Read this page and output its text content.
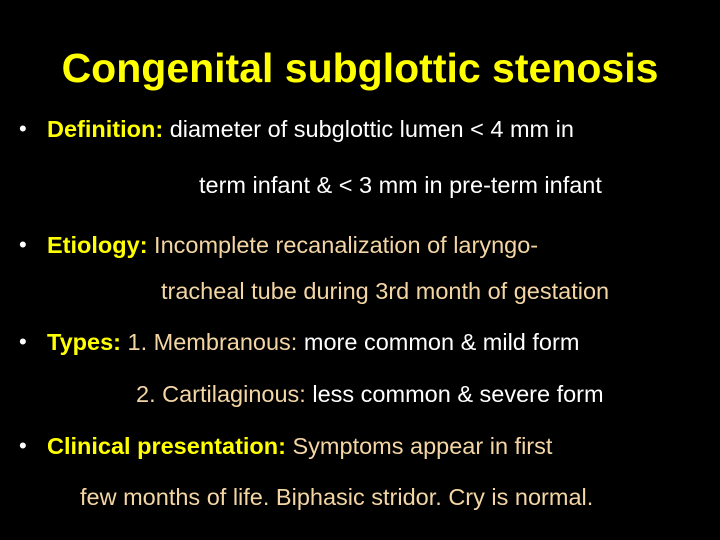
Congenital subglottic stenosis
• Definition: diameter of subglottic lumen < 4 mm in
term infant & < 3 mm in pre-term infant
• Etiology: Incomplete recanalization of laryngo-
tracheal tube during 3rd month of gestation
• Types: 1. Membranous: more common & mild form
2. Cartilaginous: less common & severe form
• Clinical presentation: Symptoms appear in first
few months of life. Biphasic stridor. Cry is normal.
